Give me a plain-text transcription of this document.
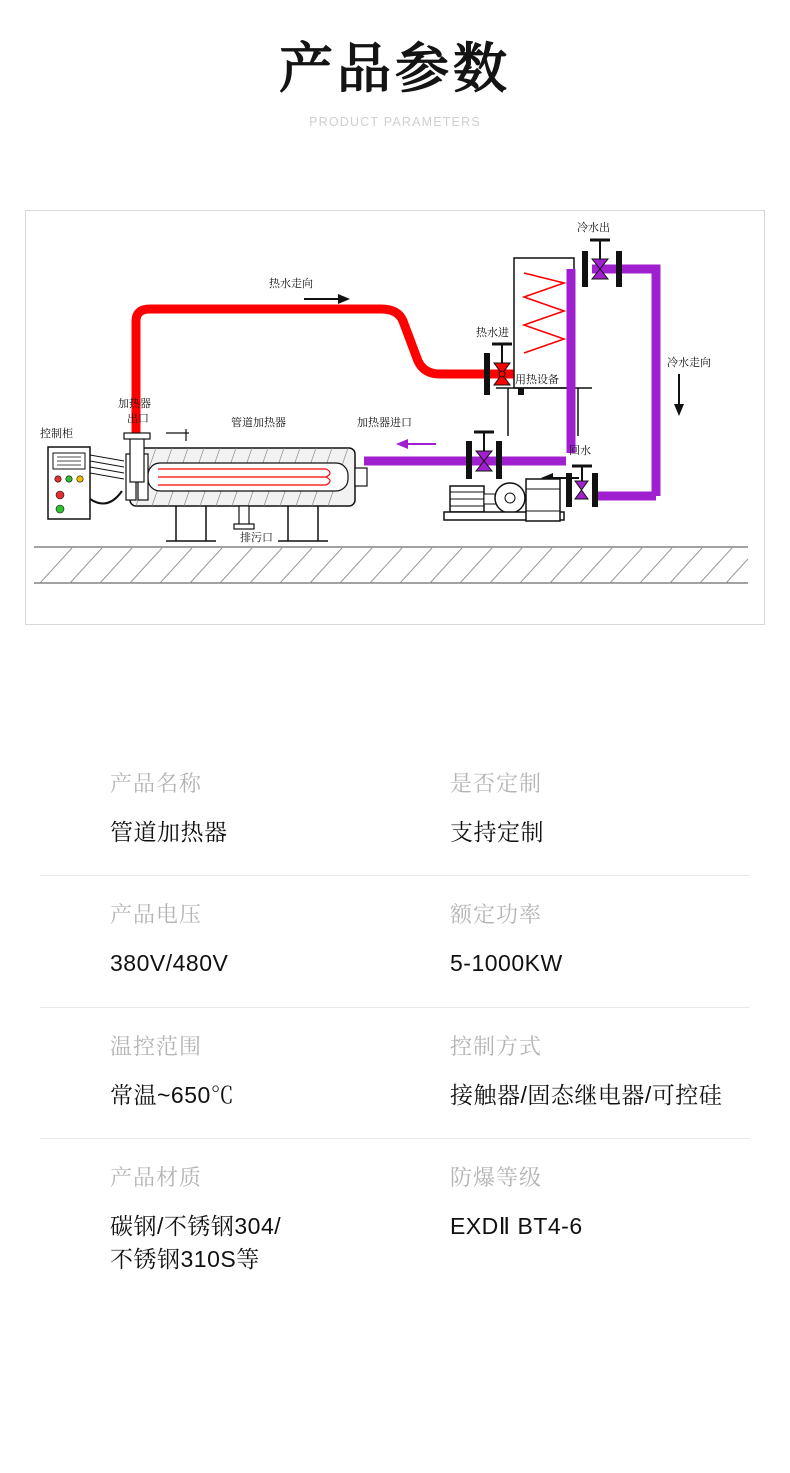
产品参数
PRODUCT PARAMETERS
热水走向
热水进
用热设备
冷水出
冷水走向
回水
加热器进口
管道加热器
排污口
加热器
出口
控制柜
产品名称
管道加热器
是否定制
支持定制
产品电压
380V/480V
额定功率
5-1000KW
温控范围
常温~650℃
控制方式
接触器/固态继电器/可控硅
产品材质
碳钢/不锈钢304/
不锈钢310S等
防爆等级
EXDⅡ BT4-6
